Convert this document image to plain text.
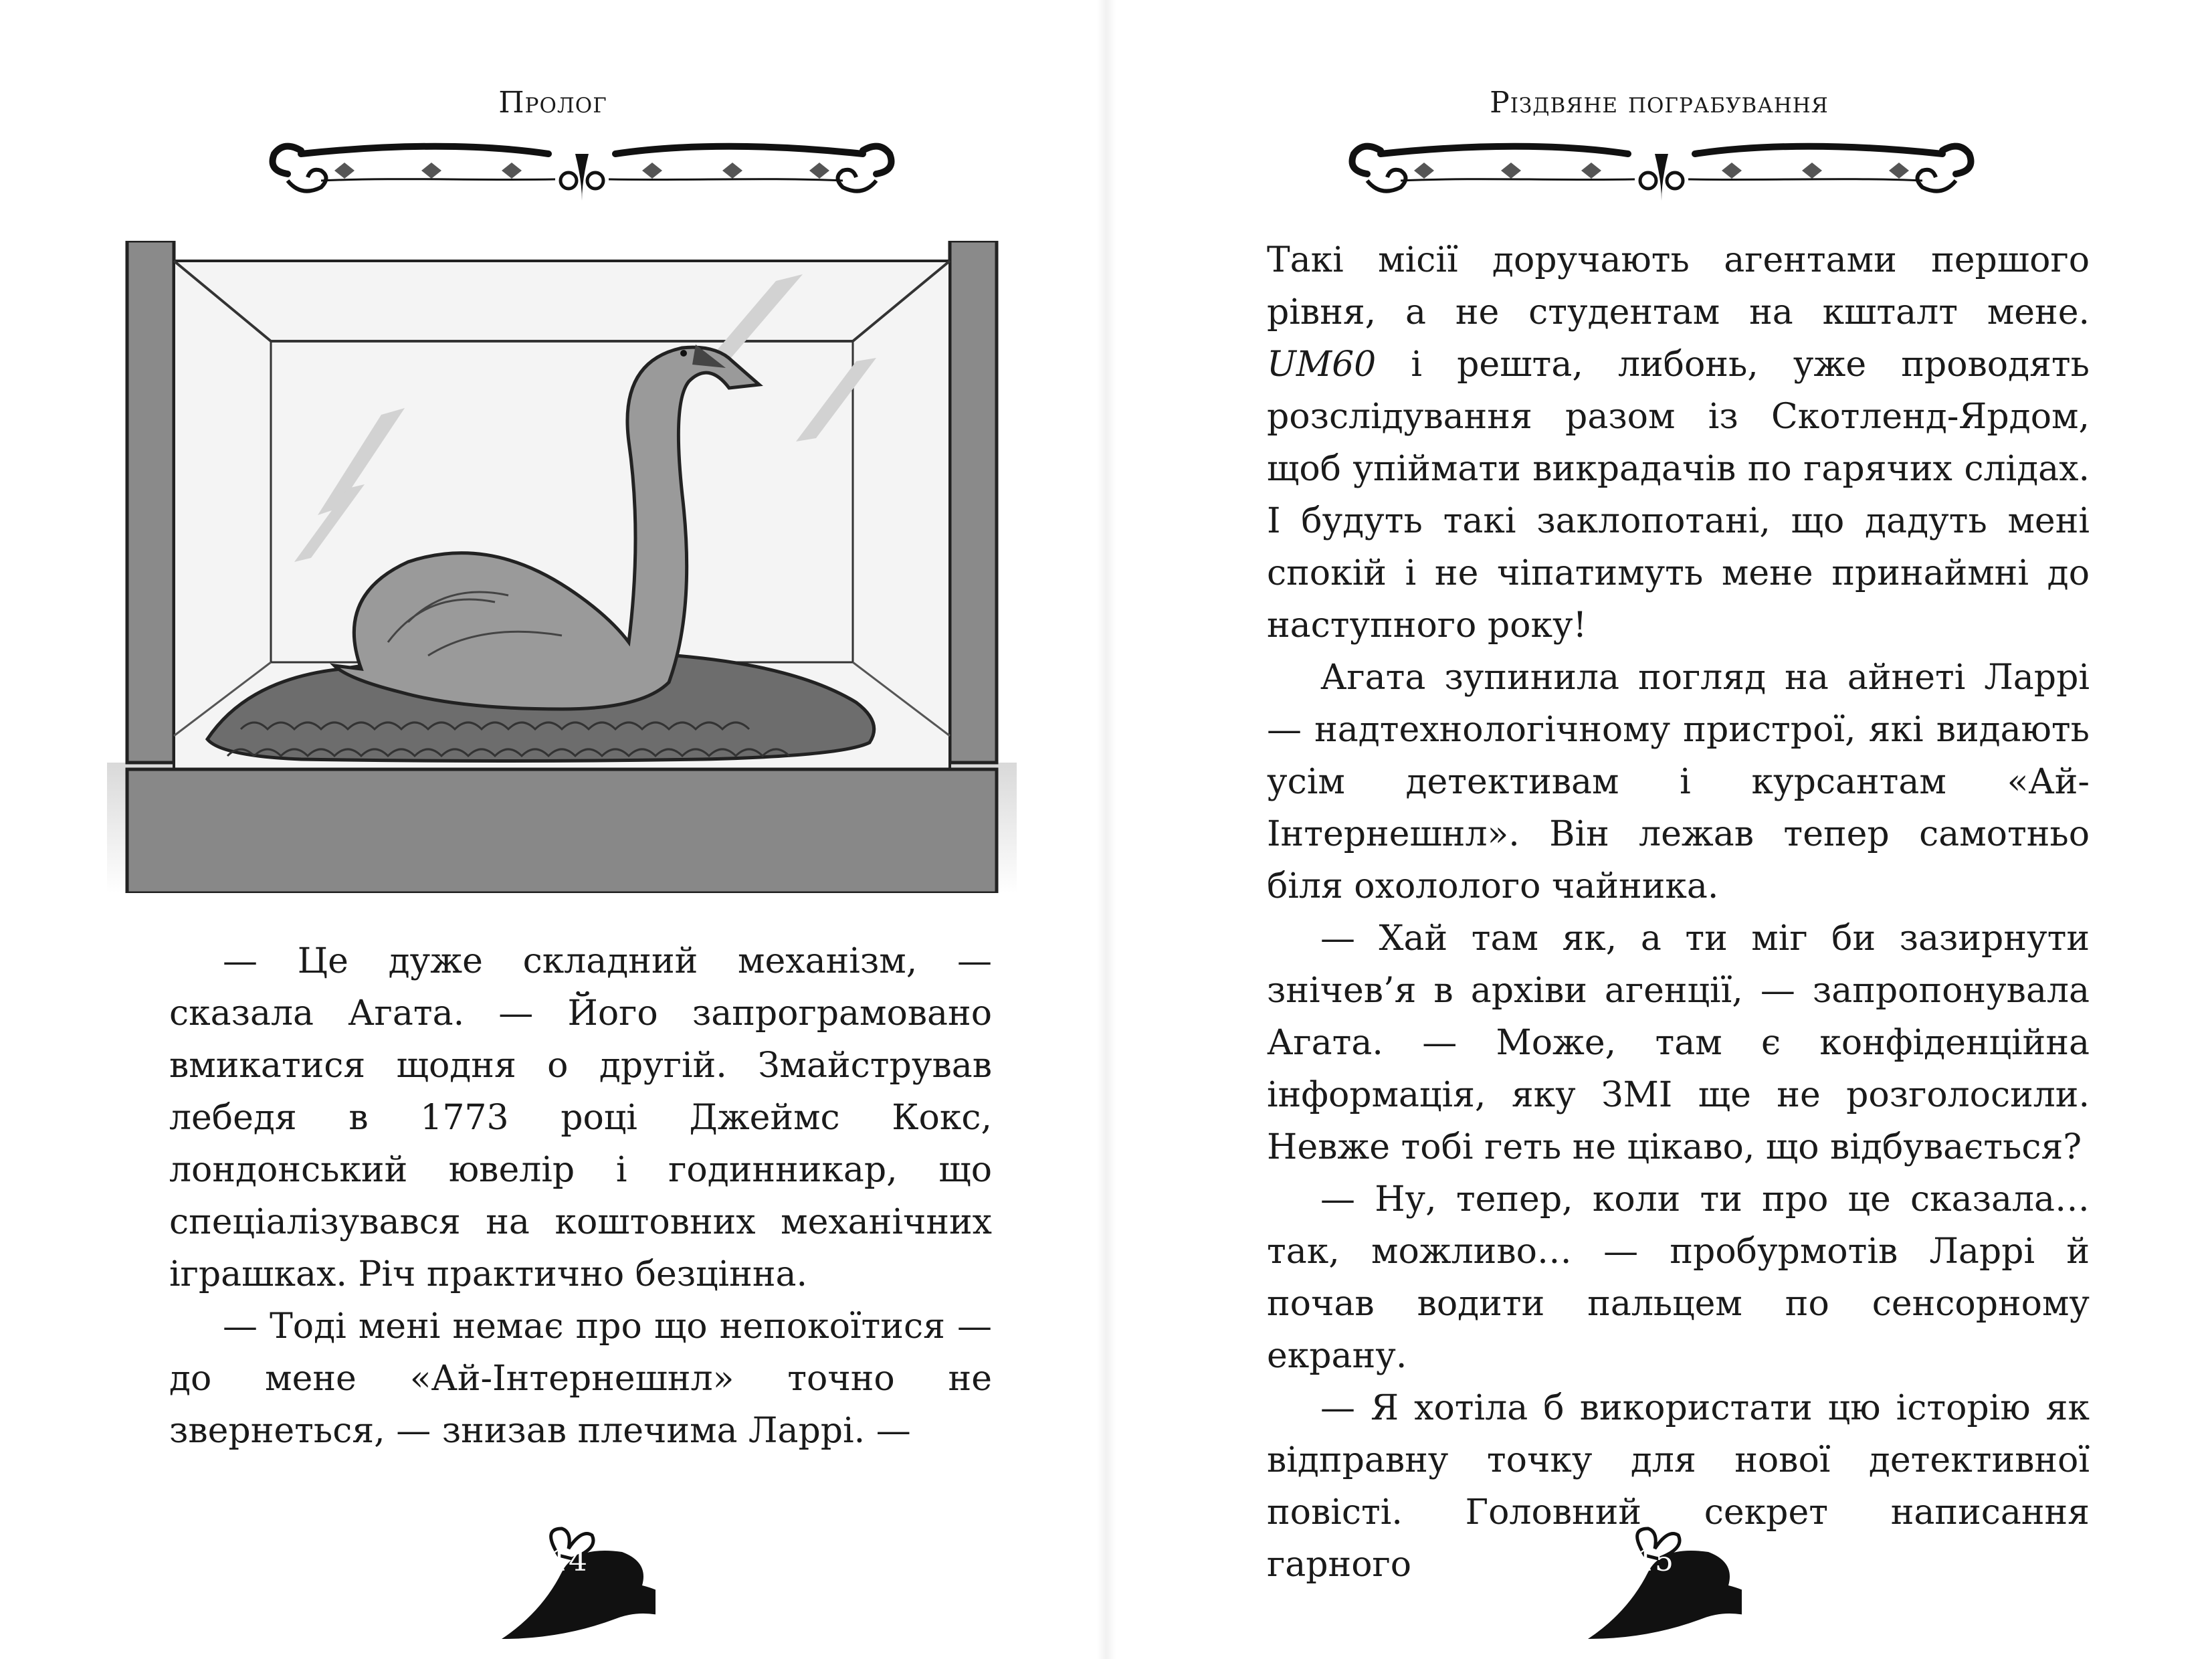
Пролог

— Це дуже складний механізм, — сказала Агата. — Його запрограмовано вмикатися щодня о другій. Змайстрував лебедя в 1773 році Джеймс Кокс, лондонський ювелір і годинникар, що спеціалізувався на коштовних механічних іграшках. Річ практично безцінна.

— Тоді мені немає про що непокоїтися — до мене «Ай-Інтернешнл» точно не звернеться, — знизав плечима Ларрі. —

14
Різдвяне пограбування

Такі місії доручають агентами першого рівня, а не студентам на кшталт мене. UM60 і решта, либонь, уже проводять розслідування разом із Скотленд-Ярдом, щоб упіймати викрадачів по гарячих слідах. І будуть такі заклопотані, що дадуть мені спокій і не чіпатимуть мене принаймні до наступного року!

Агата зупинила погляд на айнеті Ларрі — надтехнологічному пристрої, які видають усім детективам і курсантам «Ай-Інтернешнл». Він лежав тепер самотньо біля охололого чайника.

— Хай там як, а ти міг би зазирнути знічев’я в архіви агенції, — запропонувала Агата. — Може, там є конфіденційна інформація, яку ЗМІ ще не розголосили. Невже тобі геть не цікаво, що відбувається?

— Ну, тепер, коли ти про це сказала… так, можливо… — пробурмотів Ларрі й почав водити пальцем по сенсорному екрану.

— Я хотіла б використати цю історію як відправну точку для нової детективної повісті. Головний секрет написання гарного	15
